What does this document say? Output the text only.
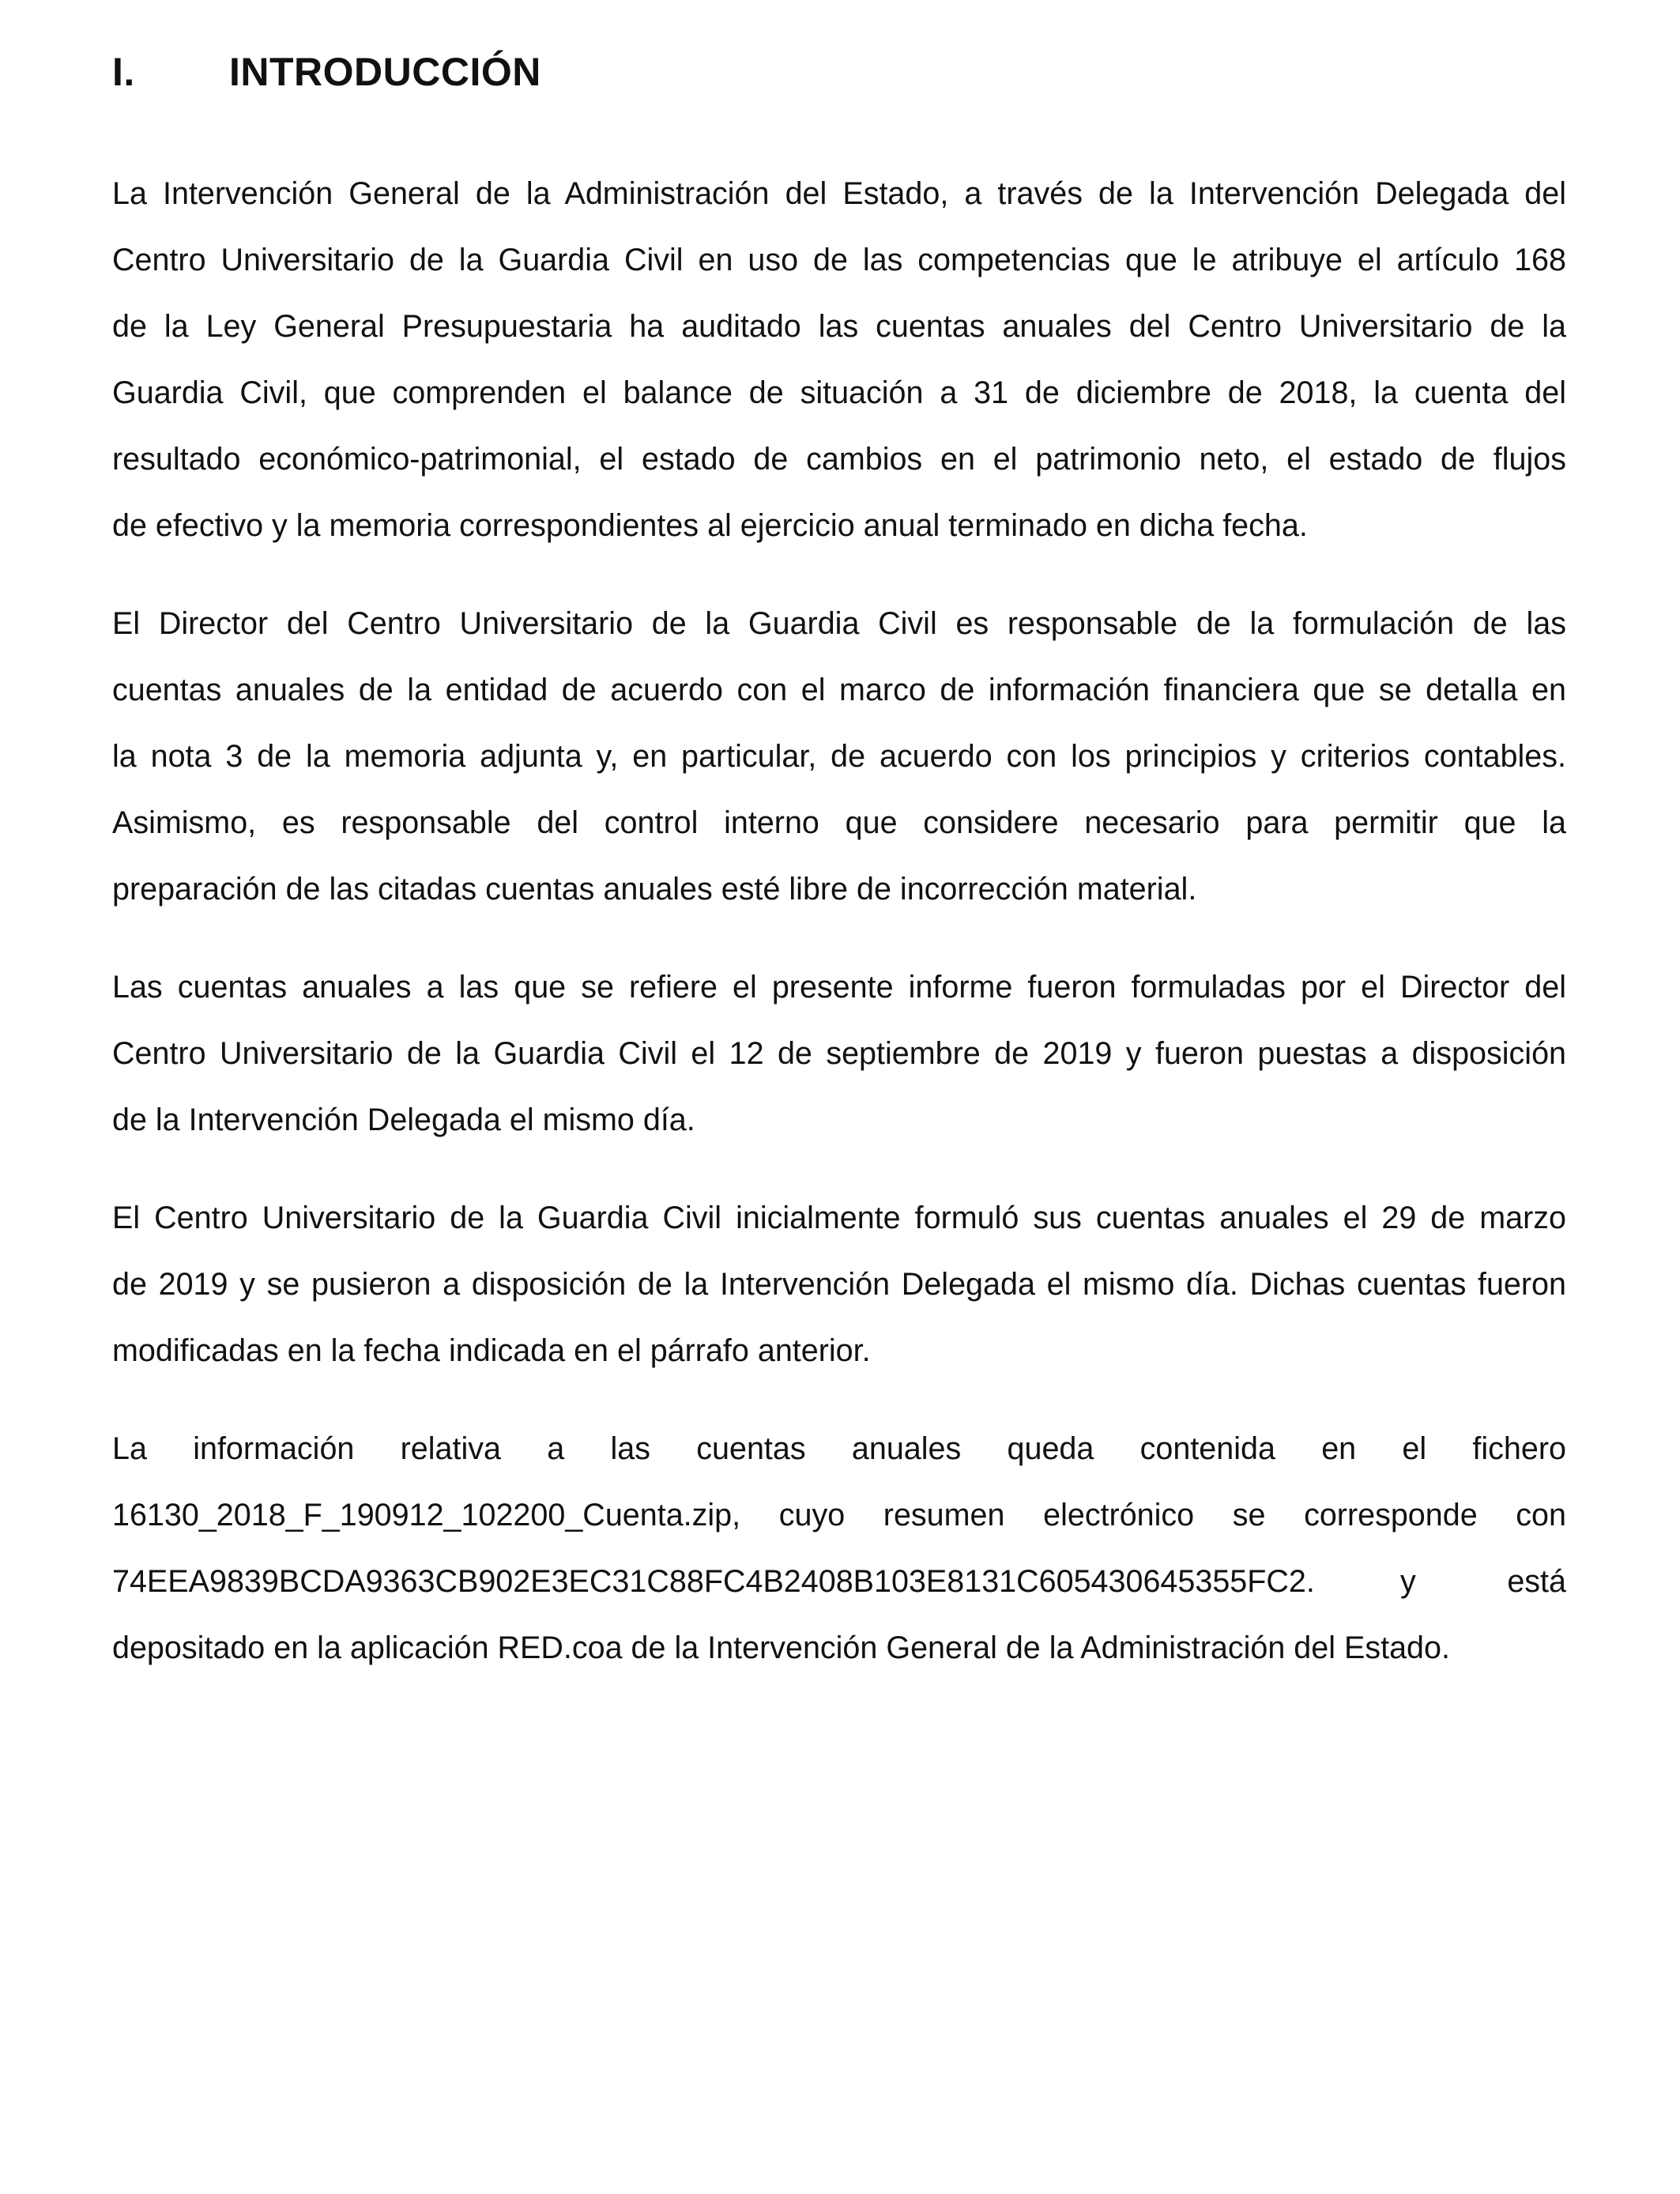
I.	INTRODUCCIÓN
La Intervención General de la Administración del Estado, a través de la Intervención Delegada del
Centro Universitario de la Guardia Civil en uso de las competencias que le atribuye el artículo 168
de la Ley General Presupuestaria ha auditado las cuentas anuales del Centro Universitario de la
Guardia Civil, que comprenden el balance de situación a 31 de diciembre de 2018, la cuenta del
resultado económico-patrimonial, el estado de cambios en el patrimonio neto, el estado de flujos
de efectivo y la memoria correspondientes al ejercicio anual terminado en dicha fecha.
El Director del Centro Universitario de la Guardia Civil es responsable de la formulación de las
cuentas anuales de la entidad de acuerdo con el marco de información financiera que se detalla en
la nota 3 de la memoria adjunta y, en particular, de acuerdo con los principios y criterios contables.
Asimismo, es responsable del control interno que considere necesario para permitir que la
preparación de las citadas cuentas anuales esté libre de incorrección material.
Las cuentas anuales a las que se refiere el presente informe fueron formuladas por el Director del
Centro Universitario de la Guardia Civil el 12 de septiembre de 2019 y fueron puestas a disposición
de la Intervención Delegada el mismo día.
El Centro Universitario de la Guardia Civil inicialmente formuló sus cuentas anuales el 29 de marzo
de 2019 y se pusieron a disposición de la Intervención Delegada el mismo día. Dichas cuentas fueron
modificadas en la fecha indicada en el párrafo anterior.
La información relativa a las cuentas anuales queda contenida en el fichero
16130_2018_F_190912_102200_Cuenta.zip, cuyo resumen electrónico se corresponde con
74EEA9839BCDA9363CB902E3EC31C88FC4B2408B103E8131C605430645355FC2.	y	está
depositado en la aplicación RED.coa de la Intervención General de la Administración del Estado.
